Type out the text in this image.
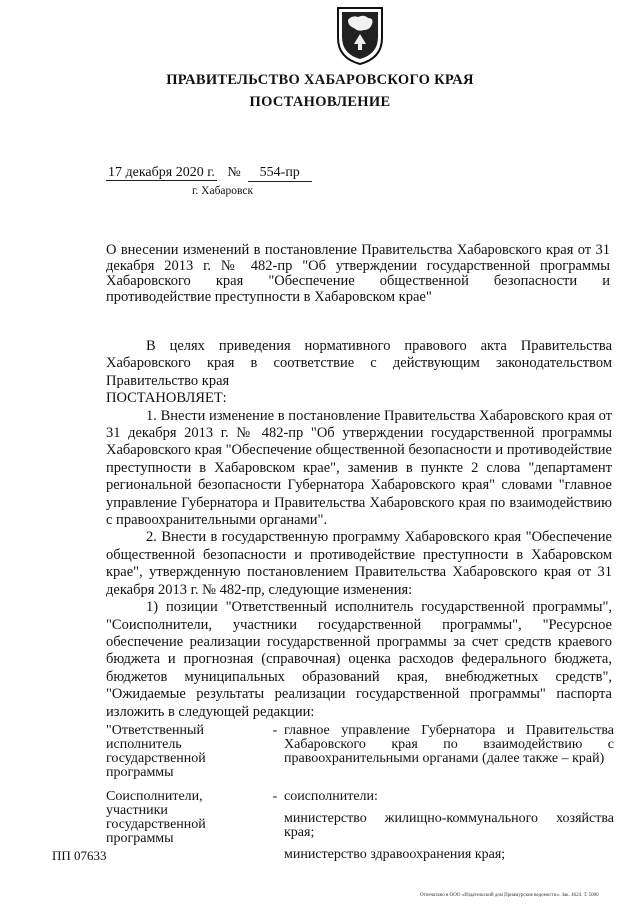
ПРАВИТЕЛЬСТВО ХАБАРОВСКОГО КРАЯ
ПОСТАНОВЛЕНИЕ
17 декабря 2020 г. № 554-пр
г. Хабаровск
О внесении изменений в постановление Правительства Хабаровского края от 31 декабря 2013 г. № 482-пр "Об утверждении государственной программы Хабаровского края "Обеспечение общественной безопасности и противодействие преступности в Хабаровском крае"

В целях приведения нормативного правового акта Правительства Хабаровского края в соответствие с действующим законодательством Правительство края

ПОСТАНОВЛЯЕТ:

1. Внести изменение в постановление Правительства Хабаровского края от 31 декабря 2013 г. № 482-пр "Об утверждении государственной программы Хабаровского края "Обеспечение общественной безопасности и противодействие преступности в Хабаровском крае", заменив в пункте 2 слова "департамент региональной безопасности Губернатора Хабаровского края" словами "главное управление Губернатора и Правительства Хабаровского края по взаимодействию с правоохранительными органами".

2. Внести в государственную программу Хабаровского края "Обеспечение общественной безопасности и противодействие преступности в Хабаровском крае", утвержденную постановлением Правительства Хабаровского края от 31 декабря 2013 г. № 482-пр, следующие изменения:

1) позиции "Ответственный исполнитель государственной программы", "Соисполнители, участники государственной программы", "Ресурсное обеспечение реализации государственной программы за счет средств краевого бюджета и прогнозная (справочная) оценка расходов федерального бюджета, бюджетов муниципальных образований края, внебюджетных средств", "Ожидаемые результаты реализации государственной программы" паспорта изложить в следующей редакции:

"Ответственный исполнитель государственной программы
- главное управление Губернатора и Правительства Хабаровского края по взаимодействию с правоохранительными органами (далее также – край)
Соисполнители, участники государственной программы
- соисполнители:
министерство жилищно-коммунального хозяйства края;
министерство здравоохранения края;
ПП 07633
Отпечатано в ООО «Издательский дом Приамурские ведомости». Зак. 4624. Т. 5000
